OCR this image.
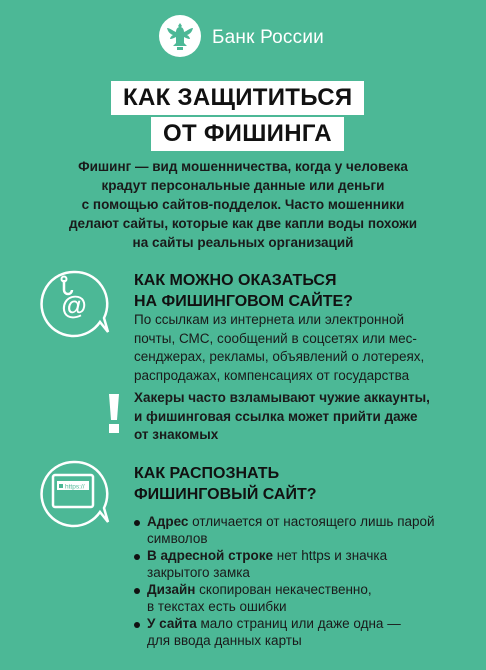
Банк России
КАК ЗАЩИТИТЬСЯ
ОТ ФИШИНГА
Фишинг — вид мошенничества, когда у человека
крадут персональные данные или деньги
с помощью сайтов-подделок. Часто мошенники
делают сайты, которые как две капли воды похожи
на сайты реальных организаций
@
КАК МОЖНО ОКАЗАТЬСЯ
НА ФИШИНГОВОМ САЙТЕ?
По ссылкам из интернета или электронной
почты, СМС, сообщений в соцсетях или мес-
сенджерах, рекламы, объявлений о лотереях,
распродажах, компенсациях от государства
Хакеры часто взламывают чужие аккаунты,
и фишинговая ссылка может прийти даже
от знакомых
https://
КАК РАСПОЗНАТЬ
ФИШИНГОВЫЙ САЙТ?
Адрес отличается от настоящего лишь парой
символов
В адресной строке нет https и значка
закрытого замка
Дизайн скопирован некачественно,
в текстах есть ошибки
У сайта мало страниц или даже одна —
для ввода данных карты
